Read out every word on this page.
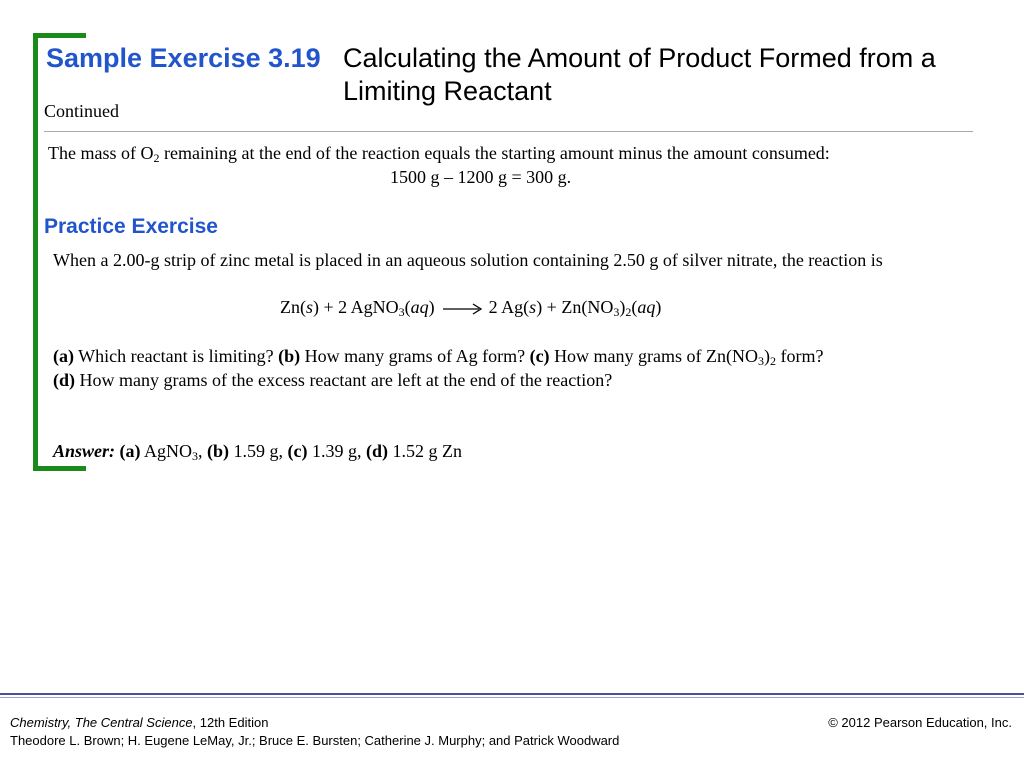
Sample Exercise 3.19 Calculating the Amount of Product Formed from a Limiting Reactant
Continued
The mass of $O_2$ remaining at the end of the reaction equals the starting amount minus the amount consumed:
1500 g – 1200 g = 300 g.
Practice Exercise
When a 2.00-g strip of zinc metal is placed in an aqueous solution containing 2.50 g of silver nitrate, the reaction is
Zn(s) + 2 AgNO$_3$(aq) → 2 $Ag(s) + Zn(NO_3)_2(aq)$
(a) Which reactant is limiting? (b) How many grams of Ag form? (c) How many grams of $Zn(NO_3)_2$ form?
(d) How many grams of the excess reactant are left at the end of the reaction?
Answer: (a) AgNO$_3$, (b) 1.59 g, (c) 1.39 g, (d) 1.52 g Zn
Chemistry, The Central Science, 12th Edition
Theodore L. Brown; H. Eugene LeMay, Jr.; Bruce E. Bursten; Catherine J. Murphy; and Patrick Woodward
© 2012 Pearson Education, Inc.
